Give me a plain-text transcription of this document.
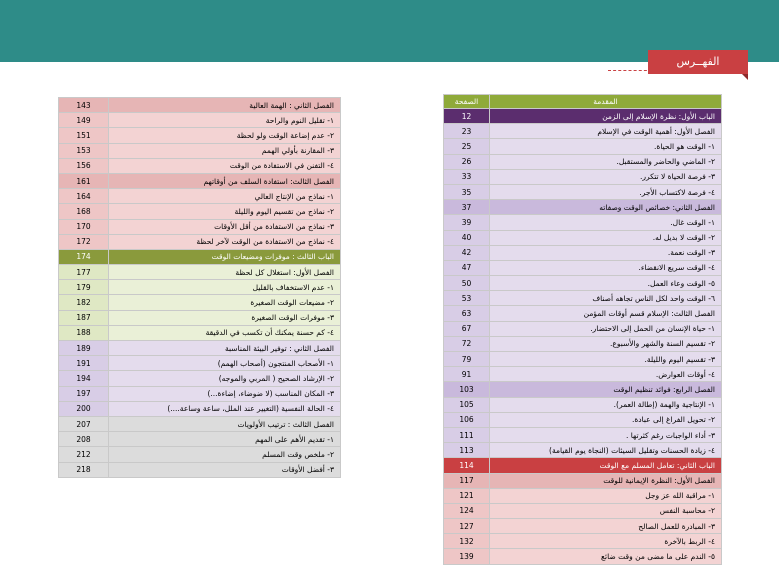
الفهــرس
المقدمة	الصفحة
الباب الأول: نظرة الإسلام إلى الزمن	12
الفصل الأول: أهمية الوقت في الإسلام	23
١- الوقت هو الحياة.	25
٢- الماضي والحاضر والمستقبل.	26
٣- فرصة الحياة لا تتكرر.	33
٤- فرصة لاكتساب الأجر.	35
الفصل الثاني: خصائص الوقت وصفاته	37
١- الوقت غال.	39
٢- الوقت لا بديل له.	40
٣- الوقت نعمة.	42
٤- الوقت سريع الانقضاء.	47
٥- الوقت وعاء العمل.	50
٦- الوقت واحد لكل الناس تجاهه أصناف	53
الفصل الثالث: الإسلام قسم أوقات المؤمن	63
١- حياة الإنسان من الحمل إلى الاحتضار.	67
٢- تقسيم السنة والشهر والأسبوع.	72
٣- تقسيم اليوم والليلة.	79
٤- أوقات العوارض.	91
الفصل الرابع: فوائد تنظيم الوقت	103
١- الإنتاجية والهمة (إطالة العمر).	105
٢- تحويل الفراغ إلى عبادة.	106
٣- أداء الواجبات رغم كثرتها .	111
٤- زيادة الحسنات وتقليل السيئات (النجاة يوم القيامة)	113
الباب الثاني: تعامل المسلم مع الوقت	114
الفصل الأول: النظرة الإيمانية للوقت	117
١- مراقبة الله عز وجل	121
٢- محاسبة النفس	124
٣- المبادرة للعمل الصالح	127
٤- الربط بالآخرة	132
٥- الندم على ما مضى من وقت ضائع	139
الفصل الثاني : الهمة العالية	143
١- تقليل النوم والراحة	149
٢- عدم إضاعة الوقت ولو لحظة	151
٣- المقارنة بأولي الهمم	153
٤- التفنن في الاستفادة من الوقت	156
الفصل الثالث: استفادة السلف من أوقاتهم	161
١- نماذج من الإنتاج العالي	164
٢- نماذج من تقسيم اليوم والليلة	168
٣- نماذج من الاستفادة من أقل الأوقات	170
٤- نماذج من الاستفادة من الوقت لآخر لحظة	172
الباب الثالث : موفرات ومضيعات الوقت	174
الفصل الأول: استغلال كل لحظة	177
١- عدم الاستخفاف بالقليل	179
٢- مضيعات الوقت الصغيرة	182
٣- موفرات الوقت الصغيرة	187
٤- كم حسنة يمكنك أن تكسب في الدقيقة	188
الفصل الثاني : توفير البيئة المناسبة	189
١- الأصحاب المنتجون (أصحاب الهمم)	191
٢- الإرشاد الصحيح ( المربي والموجه)	194
٣- المكان المناسب (لا ضوضاء، إضاءة...)	197
٤- الحالة النفسية (التغيير عند الملل، ساعة وساعة....)	200
الفصل الثالث : ترتيب الأولويات	207
١- تقديم الأهم على المهم	208
٢- ملخص وقت المسلم	212
٣- أفضل الأوقات	218
